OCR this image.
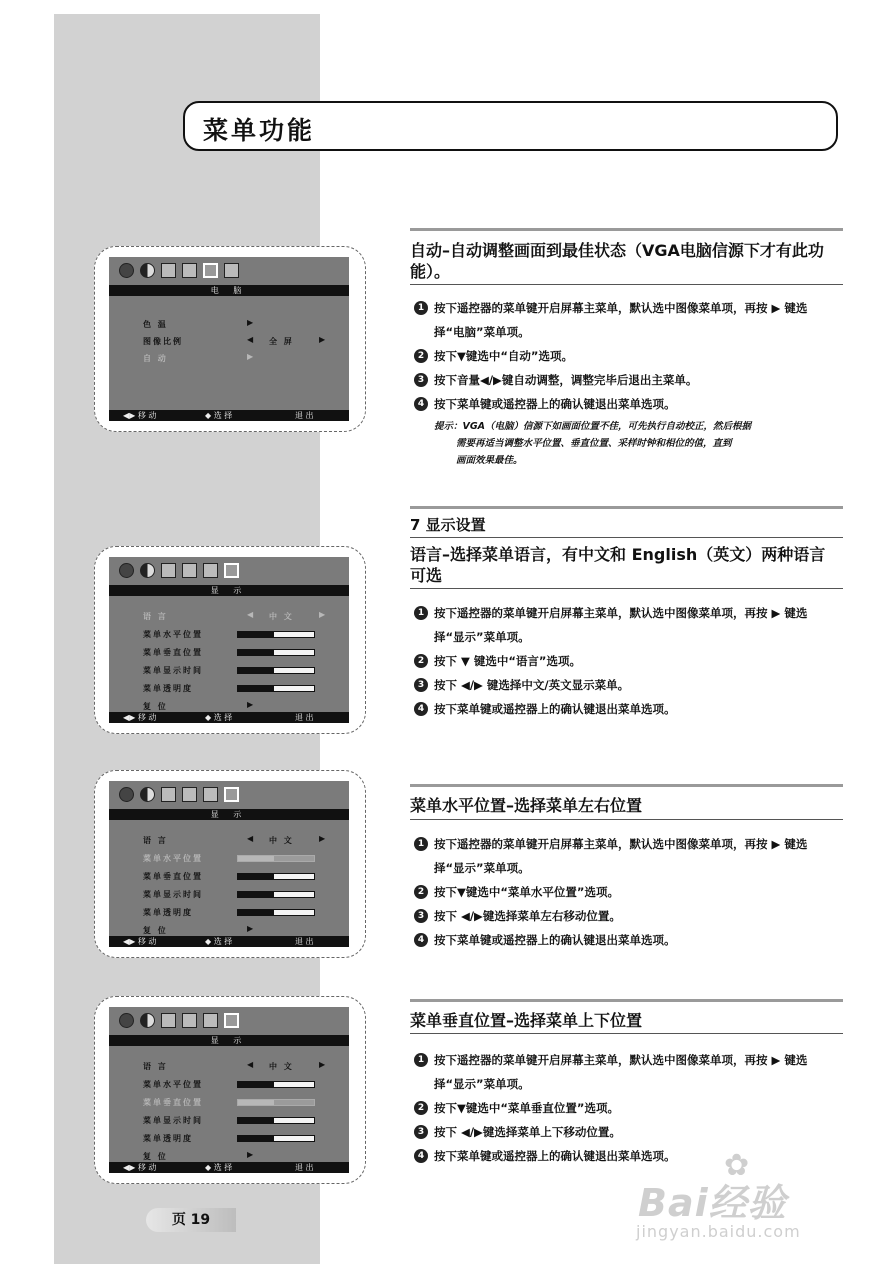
菜单功能
自动–自动调整画面到最佳状态（VGA电脑信源下才有此功能）。
1 按下遥控器的菜单键开启屏幕主菜单，默认选中图像菜单项，再按 ▶ 键选择“电脑”菜单项。
2 按下▼键选中“自动”选项。
3 按下音量◀/▶键自动调整，调整完毕后退出主菜单。
4 按下菜单键或遥控器上的确认键退出菜单选项。
提示：VGA（电脑）信源下如画面位置不佳，可先执行自动校正，然后根据
需要再适当调整水平位置、垂直位置、采样时钟和相位的值，直到
画面效果最佳。
7 显示设置
语言–选择菜单语言，有中文和 English（英文）两种语言可选
1 按下遥控器的菜单键开启屏幕主菜单，默认选中图像菜单项，再按 ▶ 键选择“显示”菜单项。
2 按下 ▼ 键选中“语言”选项。
3 按下 ◀/▶ 键选择中文/英文显示菜单。
4 按下菜单键或遥控器上的确认键退出菜单选项。
菜单水平位置–选择菜单左右位置
1 按下遥控器的菜单键开启屏幕主菜单，默认选中图像菜单项，再按 ▶ 键选择“显示”菜单项。
2 按下▼键选中“菜单水平位置”选项。
3 按下 ◀/▶键选择菜单左右移动位置。
4 按下菜单键或遥控器上的确认键退出菜单选项。
菜单垂直位置–选择菜单上下位置
1 按下遥控器的菜单键开启屏幕主菜单，默认选中图像菜单项，再按 ▶ 键选择“显示”菜单项。
2 按下▼键选中“菜单垂直位置”选项。
3 按下 ◀/▶键选择菜单上下移动位置。
4 按下菜单键或遥控器上的确认键退出菜单选项。
电 脑
色 温	▶
图像比例	◀ 全 屏	▶
自 动	▶
◀▶ 移 动	◆ 选 择	退 出
显 示
语 言	◀ 中 文	▶
菜单水平位置
菜单垂直位置
菜单显示时间
菜单透明度
复 位	▶
◀▶ 移 动	◆ 选 择	退 出
显 示
语 言	◀ 中 文	▶
菜单水平位置
菜单垂直位置
菜单显示时间
菜单透明度
复 位	▶
◀▶ 移 动	◆ 选 择	退 出
显 示
语 言	◀ 中 文	▶
菜单水平位置
菜单垂直位置
菜单显示时间
菜单透明度
复 位	▶
◀▶ 移 动	◆ 选 择	退 出
页 19
✿
Bai经验
jingyan.baidu.com
